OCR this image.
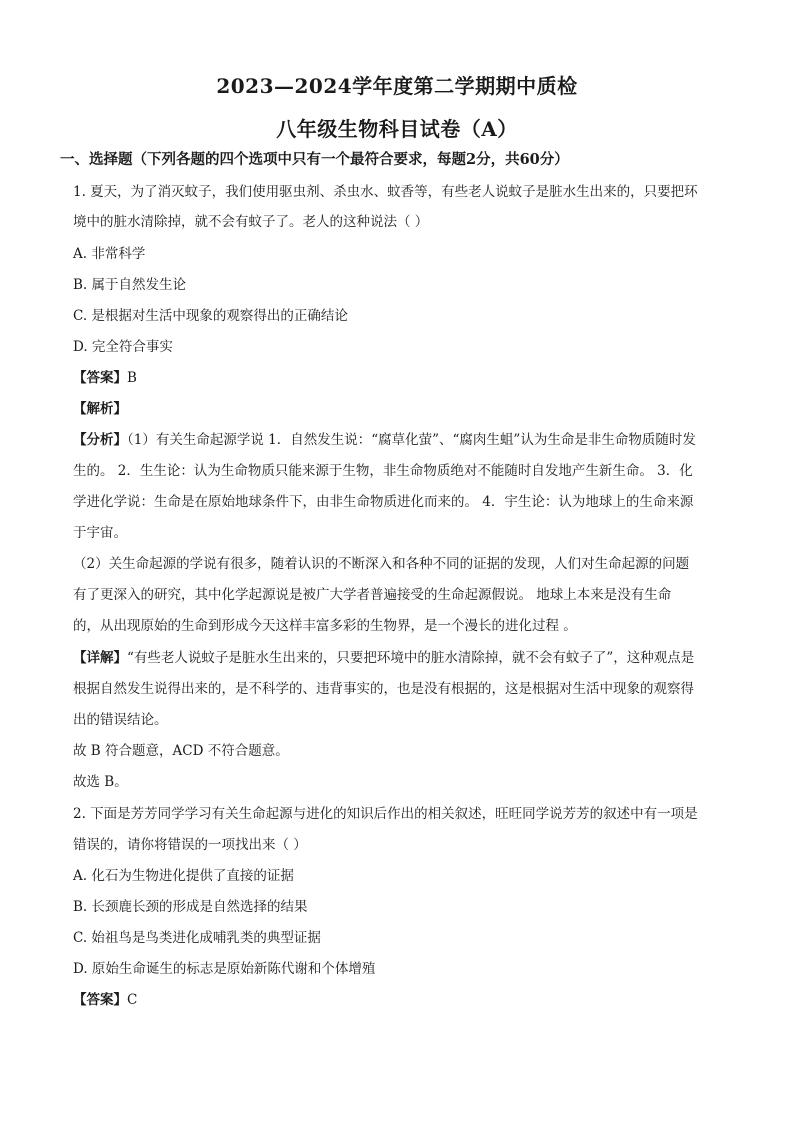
2023—2024学年度第二学期期中质检
八年级生物科目试卷（A）
一、选择题（下列各题的四个选项中只有一个最符合要求，每题2分，共60分）
1. 夏天，为了消灭蚊子，我们使用驱虫剂、杀虫水、蚊香等，有些老人说蚊子是脏水生出来的，只要把环
境中的脏水清除掉，就不会有蚊子了。老人的这种说法（ ）
A. 非常科学
B. 属于自然发生论
C. 是根据对生活中现象的观察得出的正确结论
D. 完全符合事实
【答案】B
【解析】
【分析】（1）有关生命起源学说 1．自然发生说：“腐草化萤”、“腐肉生蛆”认为生命是非生命物质随时发
生的。 2．生生论：认为生命物质只能来源于生物，非生命物质绝对不能随时自发地产生新生命。 3．化
学进化学说：生命是在原始地球条件下，由非生命物质进化而来的。 4．宇生论：认为地球上的生命来源
于宇宙。
（2）关生命起源的学说有很多，随着认识的不断深入和各种不同的证据的发现，人们对生命起源的问题
有了更深入的研究，其中化学起源说是被广大学者普遍接受的生命起源假说。 地球上本来是没有生命
的，从出现原始的生命到形成今天这样丰富多彩的生物界，是一个漫长的进化过程 。
【详解】“有些老人说蚊子是脏水生出来的，只要把环境中的脏水清除掉，就不会有蚊子了”，这种观点是
根据自然发生说得出来的，是不科学的、违背事实的，也是没有根据的，这是根据对生活中现象的观察得
出的错误结论。
故 B 符合题意，ACD 不符合题意。
故选 B。
2. 下面是芳芳同学学习有关生命起源与进化的知识后作出的相关叙述，旺旺同学说芳芳的叙述中有一项是
错误的，请你将错误的一项找出来（ ）
A. 化石为生物进化提供了直接的证据
B. 长颈鹿长颈的形成是自然选择的结果
C. 始祖鸟是鸟类进化成哺乳类的典型证据
D. 原始生命诞生的标志是原始新陈代谢和个体增殖
【答案】C
